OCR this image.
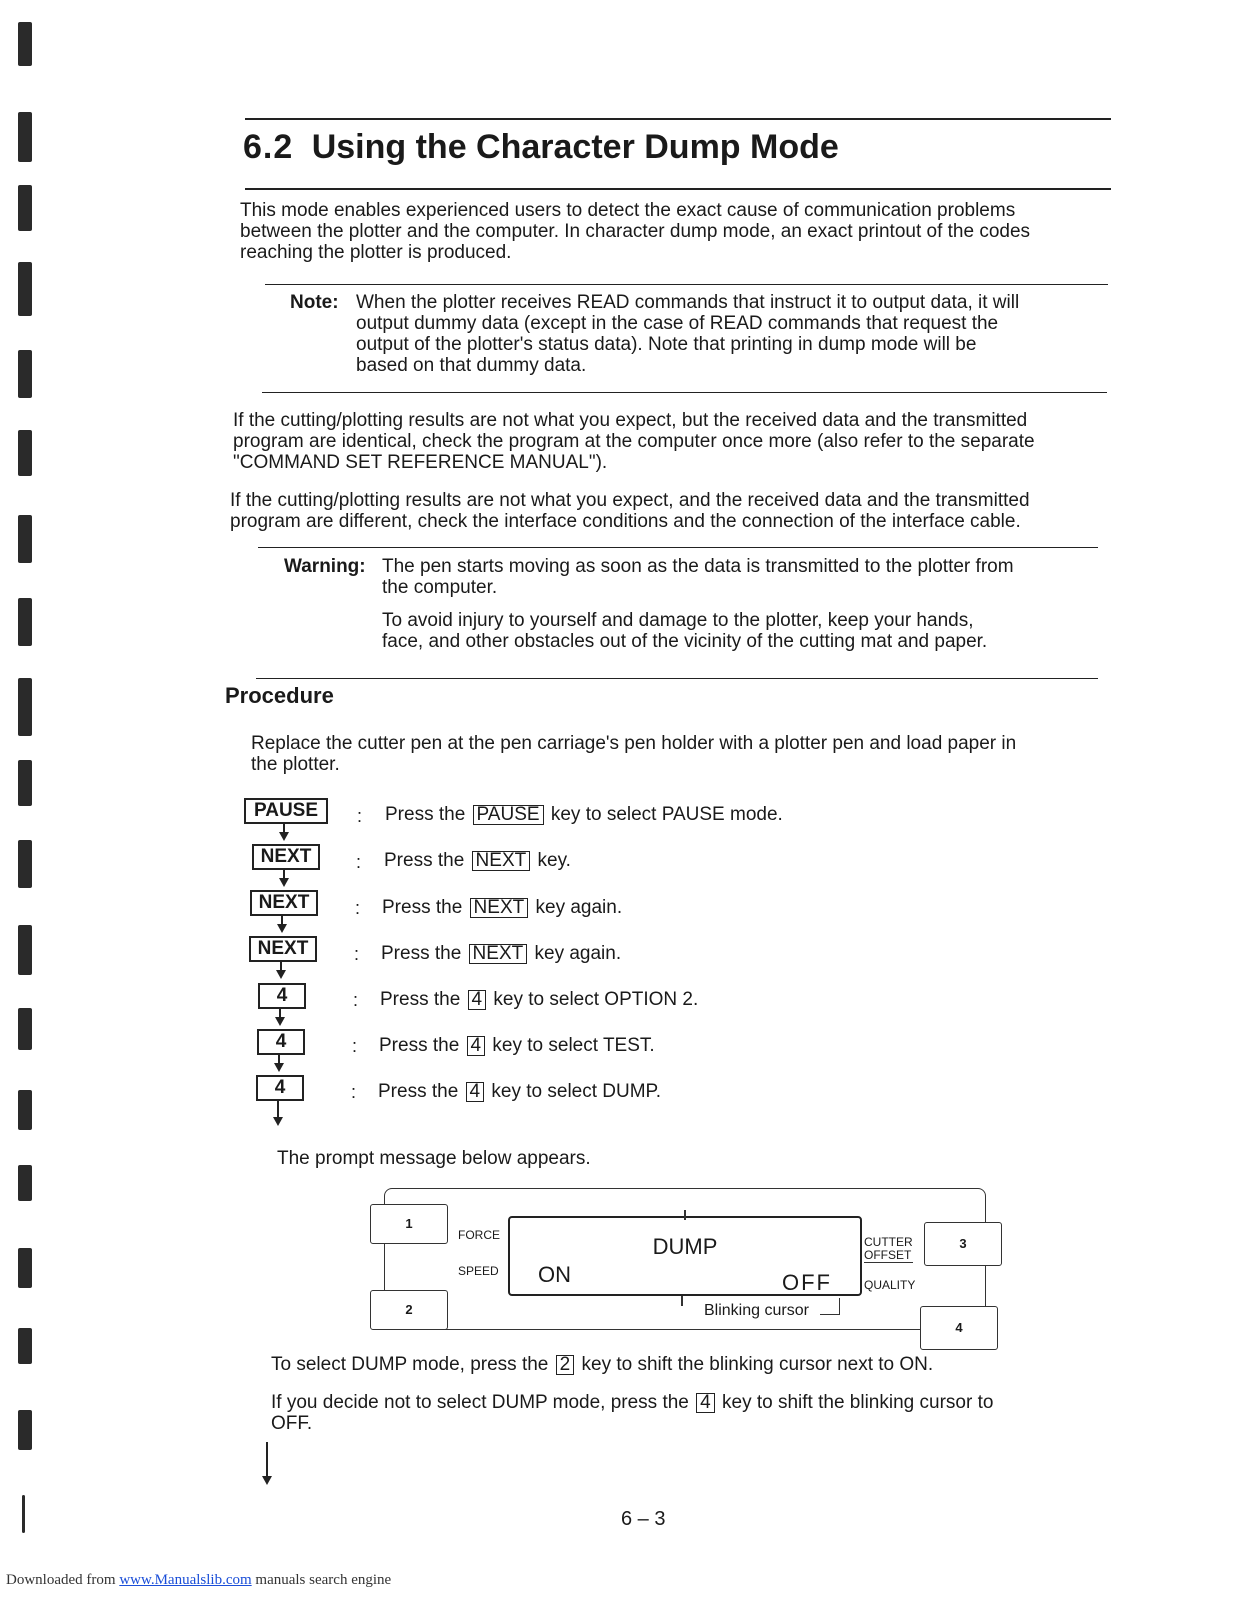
6.2 Using the Character Dump Mode
This mode enables experienced users to detect the exact cause of communication problems
between the plotter and the computer. In character dump mode, an exact printout of the codes
reaching the plotter is produced.
Note: When the plotter receives READ commands that instruct it to output data, it will
output dummy data (except in the case of READ commands that request the
output of the plotter's status data). Note that printing in dump mode will be
based on that dummy data.
If the cutting/plotting results are not what you expect, but the received data and the transmitted
program are identical, check the program at the computer once more (also refer to the separate
"COMMAND SET REFERENCE MANUAL").
If the cutting/plotting results are not what you expect, and the received data and the transmitted
program are different, check the interface conditions and the connection of the interface cable.
Warning: The pen starts moving as soon as the data is transmitted to the plotter from
the computer.
To avoid injury to yourself and damage to the plotter, keep your hands,
face, and other obstacles out of the vicinity of the cutting mat and paper.
Procedure
Replace the cutter pen at the pen carriage's pen holder with a plotter pen and load paper in
the plotter.
PAUSE	: Press the PAUSE key to select PAUSE mode.
NEXT	: Press the NEXT key.
NEXT	: Press the NEXT key again.
NEXT	: Press the NEXT key again.
4	: Press the 4 key to select OPTION 2.
4	: Press the 4 key to select TEST.
4	: Press the 4 key to select DUMP.
The prompt message below appears.
1
2
3
4
FORCE
SPEED
CUTTER
OFFSET
QUALITY
DUMP
ON	OFF
Blinking cursor
To select DUMP mode, press the 2 key to shift the blinking cursor next to ON.
If you decide not to select DUMP mode, press the 4 key to shift the blinking cursor to
OFF.
6 – 3
Downloaded from www.Manualslib.com manuals search engine
